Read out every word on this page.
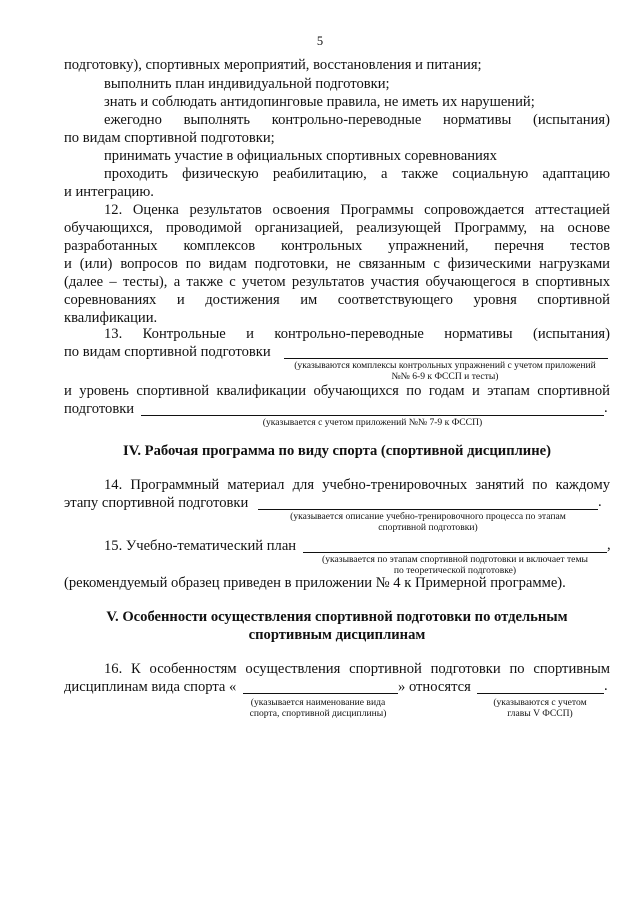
5
подготовку), спортивных мероприятий, восстановления и питания;
выполнить план индивидуальной подготовки;
знать и соблюдать антидопинговые правила, не иметь их нарушений;
ежегодно выполнять контрольно-переводные нормативы (испытания)
по видам спортивной подготовки;
принимать участие в официальных спортивных соревнованиях
проходить физическую реабилитацию, а также социальную адаптацию
и интеграцию.
12. Оценка результатов освоения Программы сопровождается аттестацией
обучающихся, проводимой организацией, реализующей Программу, на основе
разработанных комплексов контрольных упражнений, перечня тестов
и (или) вопросов по видам подготовки, не связанным с физическими нагрузками
(далее – тесты), а также с учетом результатов участия обучающегося в спортивных
соревнованиях и достижения им соответствующего уровня спортивной
квалификации.
13. Контрольные и контрольно-переводные нормативы (испытания)
по видам спортивной подготовки
(указываются комплексы контрольных упражнений с учетом приложений
№№ 6-9 к ФССП и тесты)
и уровень спортивной квалификации обучающихся по годам и этапам спортивной
подготовки	.
(указывается с учетом приложений №№ 7-9 к ФССП)
IV. Рабочая программа по виду спорта (спортивной дисциплине)
14. Программный материал для учебно-тренировочных занятий по каждому
этапу спортивной подготовки	.
(указывается описание учебно-тренировочного процесса по этапам
спортивной подготовки)
15. Учебно-тематический план	,
(указывается по этапам спортивной подготовки и включает темы
по теоретической подготовке)
(рекомендуемый образец приведен в приложении № 4 к Примерной программе).
V. Особенности осуществления спортивной подготовки по отдельным
спортивным дисциплинам
16. К особенностям осуществления спортивной подготовки по спортивным
дисциплинам вида спорта «	» относятся	.
(указывается наименование вида
спорта, спортивной дисциплины)
(указываются с учетом
главы V ФССП)
